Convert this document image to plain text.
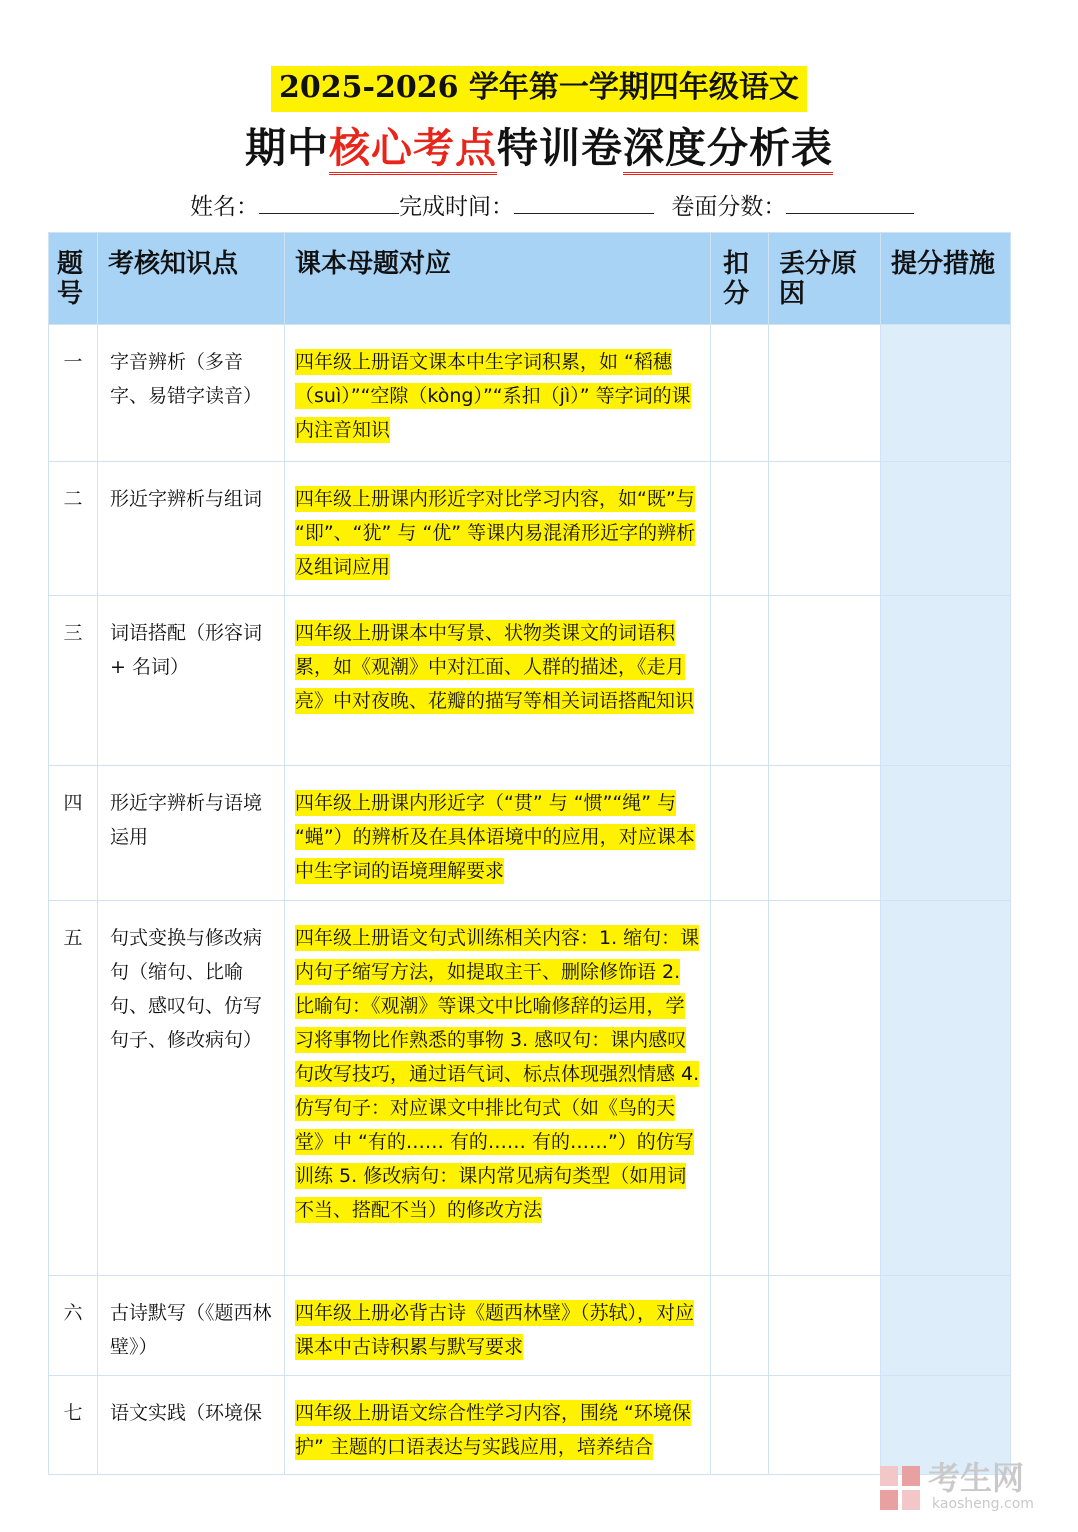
2025-2026 学年第一学期四年级语文
期中核心考点特训卷深度分析表
姓名：	完成时间：	卷面分数：
题号	考核知识点	课本母题对应	扣分	丢分原因	提分措施
一	字音辨析（多音字、易错字读音）	四年级上册语文课本中生字词积累，如 “稻穗（suì）”“空隙（kòng）”“系扣（jì）” 等字词的课内注音知识			
二	形近字辨析与组词	四年级上册课内形近字对比学习内容，如“既”与 “即”、“犹” 与 “优” 等课内易混淆形近字的辨析及组词应用			
三	词语搭配（形容词 + 名词）	四年级上册课本中写景、状物类课文的词语积累，如《观潮》中对江面、人群的描述，《走月亮》中对夜晚、花瓣的描写等相关词语搭配知识			
四	形近字辨析与语境运用	四年级上册课内形近字（“贯” 与 “惯”“绳” 与 “蝇”）的辨析及在具体语境中的应用，对应课本中生字词的语境理解要求			
五	句式变换与修改病句（缩句、比喻句、感叹句、仿写句子、修改病句）	四年级上册语文句式训练相关内容：1. 缩句：课内句子缩写方法，如提取主干、删除修饰语 2. 比喻句：《观潮》等课文中比喻修辞的运用，学习将事物比作熟悉的事物 3. 感叹句：课内感叹句改写技巧，通过语气词、标点体现强烈情感 4. 仿写句子：对应课文中排比句式（如《鸟的天堂》中 “有的…… 有的…… 有的……”）的仿写训练 5. 修改病句：课内常见病句类型（如用词不当、搭配不当）的修改方法			
六	古诗默写（《题西林壁》）	四年级上册必背古诗《题西林壁》（苏轼），对应课本中古诗积累与默写要求			
七	语文实践（环境保	四年级上册语文综合性学习内容，围绕 “环境保护” 主题的口语表达与实践应用，培养结合			
考生网
kaosheng.com
